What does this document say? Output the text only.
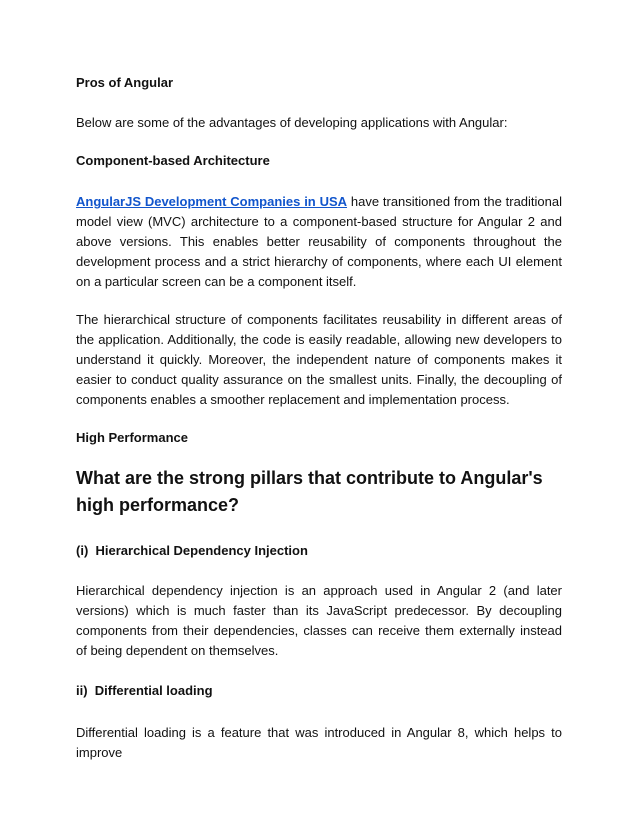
Pros of Angular

Below are some of the advantages of developing applications with Angular:

Component-based Architecture

AngularJS Development Companies in USA have transitioned from the traditional model view (MVC) architecture to a component-based structure for Angular 2 and above versions. This enables better reusability of components throughout the development process and a strict hierarchy of components, where each UI element on a particular screen can be a component itself.

The hierarchical structure of components facilitates reusability in different areas of the application. Additionally, the code is easily readable, allowing new developers to understand it quickly. Moreover, the independent nature of components makes it easier to conduct quality assurance on the smallest units. Finally, the decoupling of components enables a smoother replacement and implementation process.

High Performance

What are the strong pillars that contribute to Angular's high performance?

(i)  Hierarchical Dependency Injection

Hierarchical dependency injection is an approach used in Angular 2 (and later versions) which is much faster than its JavaScript predecessor. By decoupling components from their dependencies, classes can receive them externally instead of being dependent on themselves.

ii)  Differential loading

Differential loading is a feature that was introduced in Angular 8, which helps to improve
